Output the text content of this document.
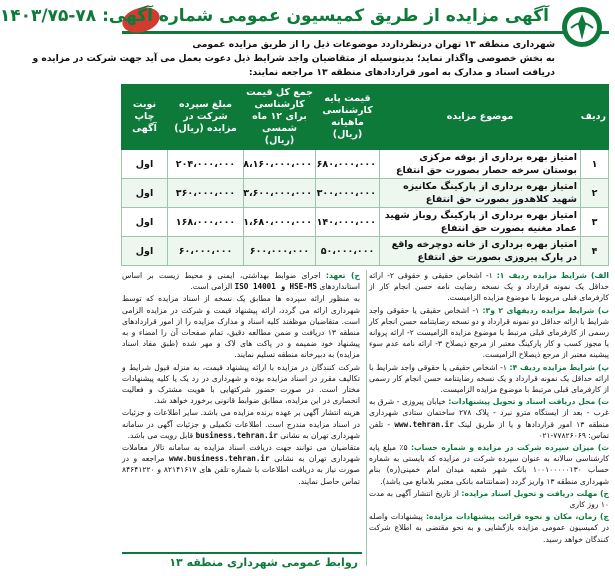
آگهی مزایده از طریق کمیسیون عمومی شماره آگهی: ۷۸-۱۴۰۳/۷۵

شهرداری منطقه ۱۳ تهران درنظرداردد موضوعات ذیل را از طریق مزایده عمومی

به بخش خصوصی واگذار نماید؛ بدینوسیله از متقاضیان واجد شرایط ذیل دعوت بعمل می آید جهت شرکت در مزایده و

دریافت اسناد و مدارک به امور قراردادهای منطقه ۱۳ مراجعه نمایند:

ردیف	موضوع مزایده	قیمت پایه کارشناسی ماهیانه (ریال)	جمع کل قیمت کارشناسی برای ۱۲ ماه شمسی (ریال)	مبلغ سپرده شرکت در مزایده (ریال)	نوبت چاپ آگهی
۱	امتیاز بهره برداری از بوفه مرکزی بوستان سرخه حصار بصورت حق انتفاع	۶۸۰،۰۰۰،۰۰۰	۸،۱۶۰،۰۰۰،۰۰۰	۲۰۴،۰۰۰،۰۰۰	اول
۲	امتیاز بهره برداری از پارکینگ مکانیزه شهید کلاهدوز بصورت حق انتفاع	۳۰۰،۰۰۰،۰۰۰	۳،۶۰۰،۰۰۰،۰۰۰	۳۶۰،۰۰۰،۰۰۰	اول
۳	امتیاز بهره برداری از پارکینگ روباز شهید عماد مغنیه بصورت حق انتفاع	۱۴۰،۰۰۰،۰۰۰	۱،۶۸۰،۰۰۰،۰۰۰	۱۶۸،۰۰۰،۰۰۰	اول
۴	امتیاز بهره برداری از خانه دوچرخه واقع در پارک پیروزی بصورت حق انتفاع	۵۰،۰۰۰،۰۰۰	۶۰۰،۰۰۰،۰۰۰	۶۰،۰۰۰،۰۰۰	اول

الف) شرایط مزایده ردیف ۱: ۱- اشخاص حقیقی و حقوقی ۲- ارائه حداقل یک نمونه قرارداد و یک نسخه رضایت نامه حسن انجام کار از کارفرمای قبلی مربوط با موضوع مزایده الزامیست.

ب) شرایط مزایده ردیفهای ۲ و۳: ۱- اشخاص حقیقی یا حقوقی واجد شرایط با ارائه حداقل دو نمونه قرارداد و دو نسخه رضایتنامه حسن انجام کار رسمی از کارفرمای قبلی مرتبط با موضوع مزایده الزامیست ۲- ارائه پروانه یا مجوز کسب و کار پارکینگ معتبر از مرجع ذیصلاح ۳- ارائه نامه عدم سوء پیشینه معتبر از مرجع ذیصلاح الزامیست.

پ) شرایط مزایده ردیف ۴: ۱- اشخاص حقیقی یا حقوقی واجد شرایط با ارائه حداقل یک نمونه قرارداد و یک نسخه رضایتنامه حسن انجام کار رسمی از کارفرمای قبلی مرتبط با موضوع مزایده الزامیست.

ت) محل دریافت اسناد و تحویل پیشنهادات: خیابان پیروزی - شرق به غرب - بعد از ایستگاه مترو نبرد - پلاک ۲۷۸ ساختمان ستادی شهرداری منطقه ۱۳ امور قراردادها و یا از طریق لینک www.tehran.ir - تلفن تماس: ۷۷۸۲۶۰۶۹-۰۲۱

ث) میزان سپرده شرکت در مزایده و شماره حساب: ۵٪ مبلغ پایه کارشناسی سالانه به عنوان سپرده شرکت در مزایده که بایستی به شماره حساب ۱۰۰۱۰۰۰۰۰۱۳۰ بانک شهر شعبه میدان امام خمینی(ره) بنام شهرداری منطقه ۱۳ واریز گردد (ضمانتنامه بانکی معتبر بلامانع می باشد).

ج) مهلت دریافت و تحویل اسناد مزایده: از تاریخ انتشار آگهی به مدت ۱۰ روز کاری

چ) زمان، مکان و نحوه قرائت پیشنهادات مزایده: پیشنهادات واصله در کمیسیون عمومی مزایده بازگشایی و به نحو مقتضی به اطلاع شرکت کنندگان خواهد رسید.

ح) تعهد: اجرای ضوابط بهداشتی، ایمنی و محیط زیست بر اساس استانداردهای ISO 14001 و HSE-MS الزامی است.

به منظور ارائه سپرده ها مطابق یک نسخه از اسناد مزایده که توسط شهرداری ارائه می گردد، ارائه پیشنهاد قیمت و شرکت در مزایده الزامی است. متقاضیان موظفند کلیه اسناد و مدارک مزایده را از امور قراردادهای منطقه ۱۳ دریافت و ضمن مطالعه دقیق، تمام صفحات آن را امضاء و به پیشنهاد خود ضمیمه و در پاکت های لاک و مهر شده (طبق مفاد اسناد مزایده) به دبیرخانه منطقه تسلیم نمایند.

شرکت کنندگان در مزایده با ارائه پیشنهاد قیمت، به منزله قبول شرایط و تکالیف مقرر در اسناد مزایده بوده و شهرداری در رد یک یا کلیه پیشنهادات مختار است. در صورت حضور شرکتهایی با هویت مشترک و فعالیت انحصاری در این مزایده، مطابق ضوابط قانونی برخورد خواهد شد.

هزینه انتشار آگهی بر عهده برنده مزایده می باشد. سایر اطلاعات و جزئیات در اسناد مزایده مندرج است. اطلاعات تکمیلی و جزئیات آگهی در سامانه شهرداری تهران به نشانی business.tehran.ir قابل رویت می باشد.

متقاضیان می توانند جهت دریافت اسناد مزایده به سامانه تالار معاملات شهرداری تهران به نشانی www.business.tehran.ir مراجعه و در صورت نیاز به دریافت اطلاعات با شماره تلفن های ۸۲۱۴۱۶۱۷ و ۸۴۶۴۱۲۲۰ تماس حاصل نمایند.

روابط عمومی شهرداری منطقه ۱۳
